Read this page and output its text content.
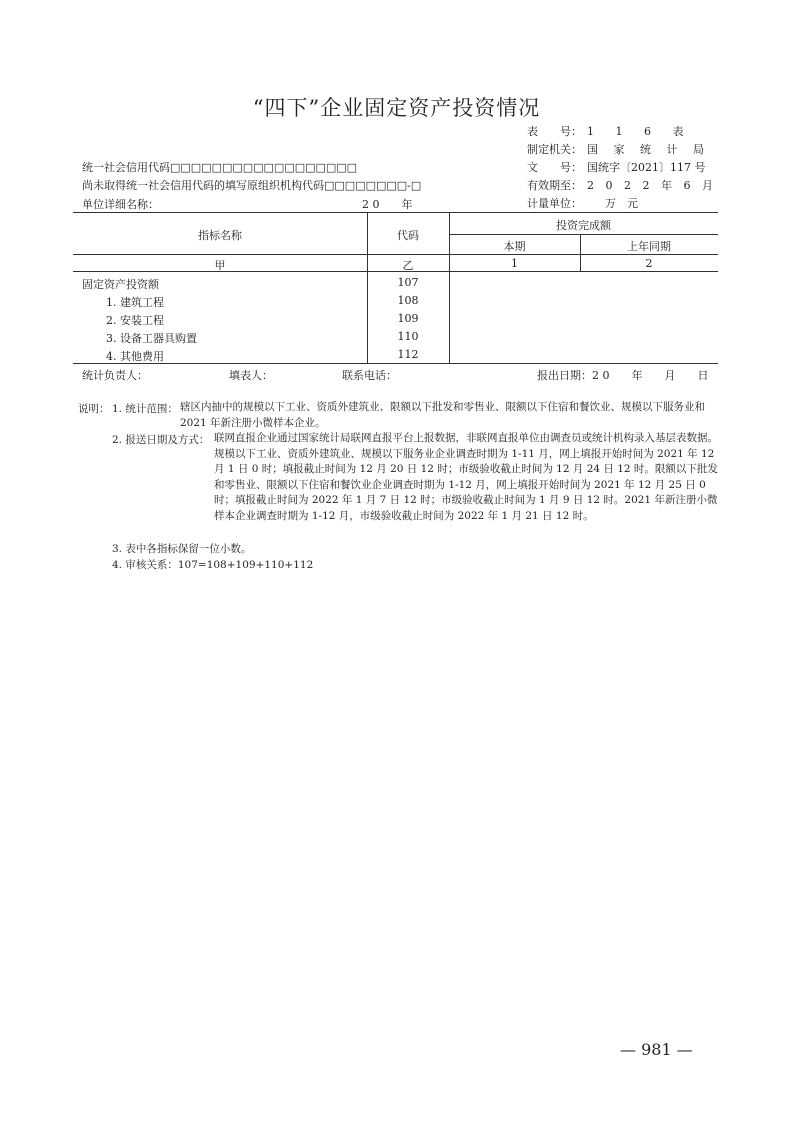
“四下”企业固定资产投资情况
表　　号： 1 1 6 表
制定机关： 国 家 统 计 局
文　　号： 国统字〔2021〕117 号
有效期至： 2 0 2 2 年 6 月
计量单位： 万　元
统一社会信用代码□□□□□□□□□□□□□□□□□□
尚未取得统一社会信用代码的填写原组织机构代码□□□□□□□□-□
单位详细名称：	2 0　　年
指标名称	代码
投资完成额
本期	上年同期
甲	乙	1	2
固定资产投资额	107
1. 建筑工程	108
2. 安装工程	109
3. 设备工器具购置	110
4. 其他费用	112
统计负责人：	填表人：	联系电话：	报出日期：2 0　　年　　月　　日
说明： 1. 统计范围： 辖区内抽中的规模以下工业、资质外建筑业、限额以下批发和零售业、限额以下住宿和餐饮业、规模以下服务业和 2021 年新注册小微样本企业。
2. 报送日期及方式： 联网直报企业通过国家统计局联网直报平台上报数据，非联网直报单位由调查员或统计机构录入基层表数据。规模以下工业、资质外建筑业、规模以下服务业企业调查时期为 1-11 月，网上填报开始时间为 2021 年 12 月 1 日 0 时；填报截止时间为 12 月 20 日 12 时；市级验收截止时间为 12 月 24 日 12 时。限额以下批发和零售业、限额以下住宿和餐饮业企业调查时期为 1-12 月，网上填报开始时间为 2021 年 12 月 25 日 0 时；填报截止时间为 2022 年 1 月 7 日 12 时；市级验收截止时间为 1 月 9 日 12 时。2021 年新注册小微样本企业调查时期为 1-12 月，市级验收截止时间为 2022 年 1 月 21 日 12 时。
3. 表中各指标保留一位小数。
4. 审核关系：107=108+109+110+112
— 981 —
